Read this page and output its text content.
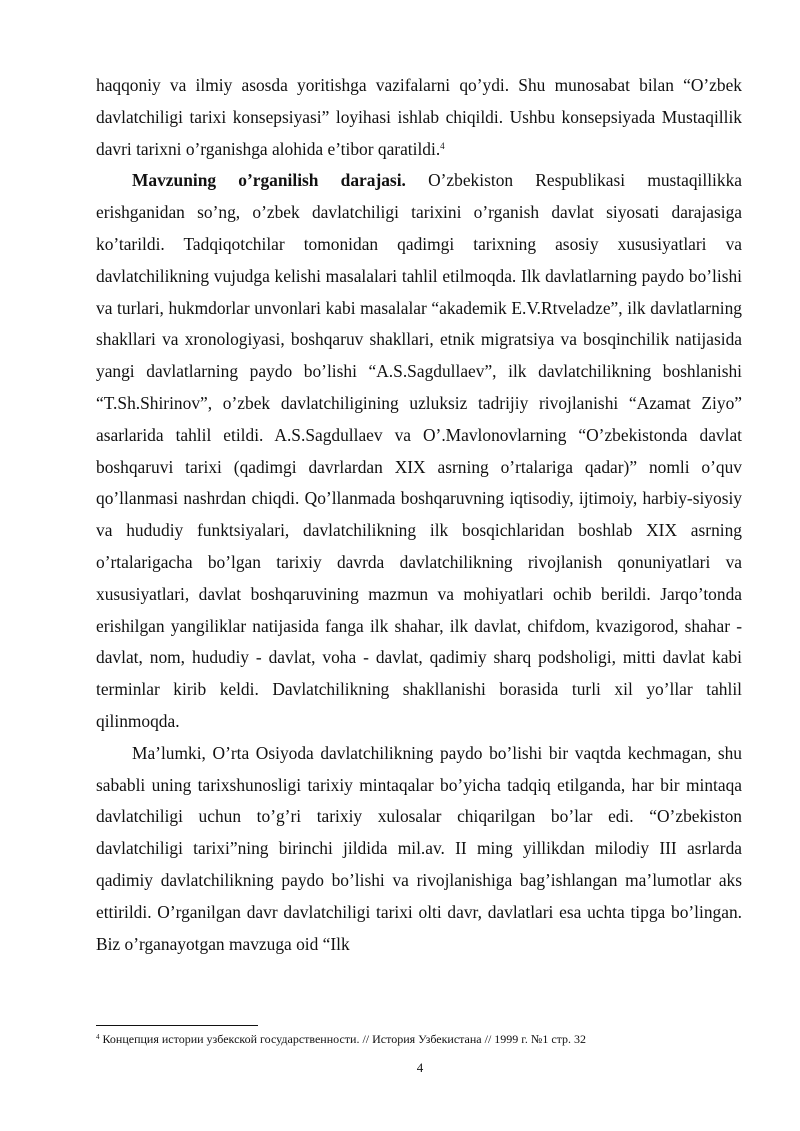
haqqoniy va ilmiy asosda yoritishga vazifalarni qo’ydi. Shu munosabat bilan “O’zbek davlatchiligi tarixi konsepsiyasi” loyihasi ishlab chiqildi. Ushbu konsepsiyada Mustaqillik davri tarixni o’rganishga alohida e’tibor qaratildi.$^4$

Mavzuning o’rganilish darajasi. O’zbekiston Respublikasi mustaqillikka erishganidan so’ng, o’zbek davlatchiligi tarixini o’rganish davlat siyosati darajasiga ko’tarildi. Tadqiqotchilar tomonidan qadimgi tarixning asosiy xususiyatlari va davlatchilikning vujudga kelishi masalalari tahlil etilmoqda. Ilk davlatlarning paydo bo’lishi va turlari, hukmdorlar unvonlari kabi masalalar “akademik E.V.Rtveladze”, ilk davlatlarning shakllari va xronologiyasi, boshqaruv shakllari, etnik migratsiya va bosqinchilik natijasida yangi davlatlarning paydo bo’lishi “A.S.Sagdullaev”, ilk davlatchilikning boshlanishi “T.Sh.Shirinov”, o’zbek davlatchiligining uzluksiz tadrijiy rivojlanishi “Azamat Ziyo” asarlarida tahlil etildi. A.S.Sagdullaev va O’.Mavlonovlarning “O’zbekistonda davlat boshqaruvi tarixi (qadimgi davrlardan XIX asrning o’rtalariga qadar)” nomli o’quv qo’llanmasi nashrdan chiqdi. Qo’llanmada boshqaruvning iqtisodiy, ijtimoiy, harbiy-siyosiy va hududiy funktsiyalari, davlatchilikning ilk bosqichlaridan boshlab XIX asrning o’rtalarigacha bo’lgan tarixiy davrda davlatchilikning rivojlanish qonuniyatlari va xususiyatlari, davlat boshqaruvining mazmun va mohiyatlari ochib berildi. Jarqo’tonda erishilgan yangiliklar natijasida fanga ilk shahar, ilk davlat, chifdom, kvazigorod, shahar - davlat, nom, hududiy - davlat, voha - davlat, qadimiy sharq podsholigi, mitti davlat kabi terminlar kirib keldi. Davlatchilikning shakllanishi borasida turli xil yo’llar tahlil qilinmoqda.

Ma’lumki, O’rta Osiyoda davlatchilikning paydo bo’lishi bir vaqtda kechmagan, shu sababli uning tarixshunosligi tarixiy mintaqalar bo’yicha tadqiq etilganda, har bir mintaqa davlatchiligi uchun to’g’ri tarixiy xulosalar chiqarilgan bo’lar edi. “O’zbekiston davlatchiligi tarixi”ning birinchi jildida mil.av. II ming yillikdan milodiy III asrlarda qadimiy davlatchilikning paydo bo’lishi va rivojlanishiga bag’ishlangan ma’lumotlar aks ettirildi. O’rganilgan davr davlatchiligi tarixi olti davr, davlatlari esa uchta tipga bo’lingan. Biz o’rganayotgan mavzuga oid “Ilk

$^4$ Концепция истории узбекской государственности. // История Узбекистана // 1999 г. №1 стр. 32
4
